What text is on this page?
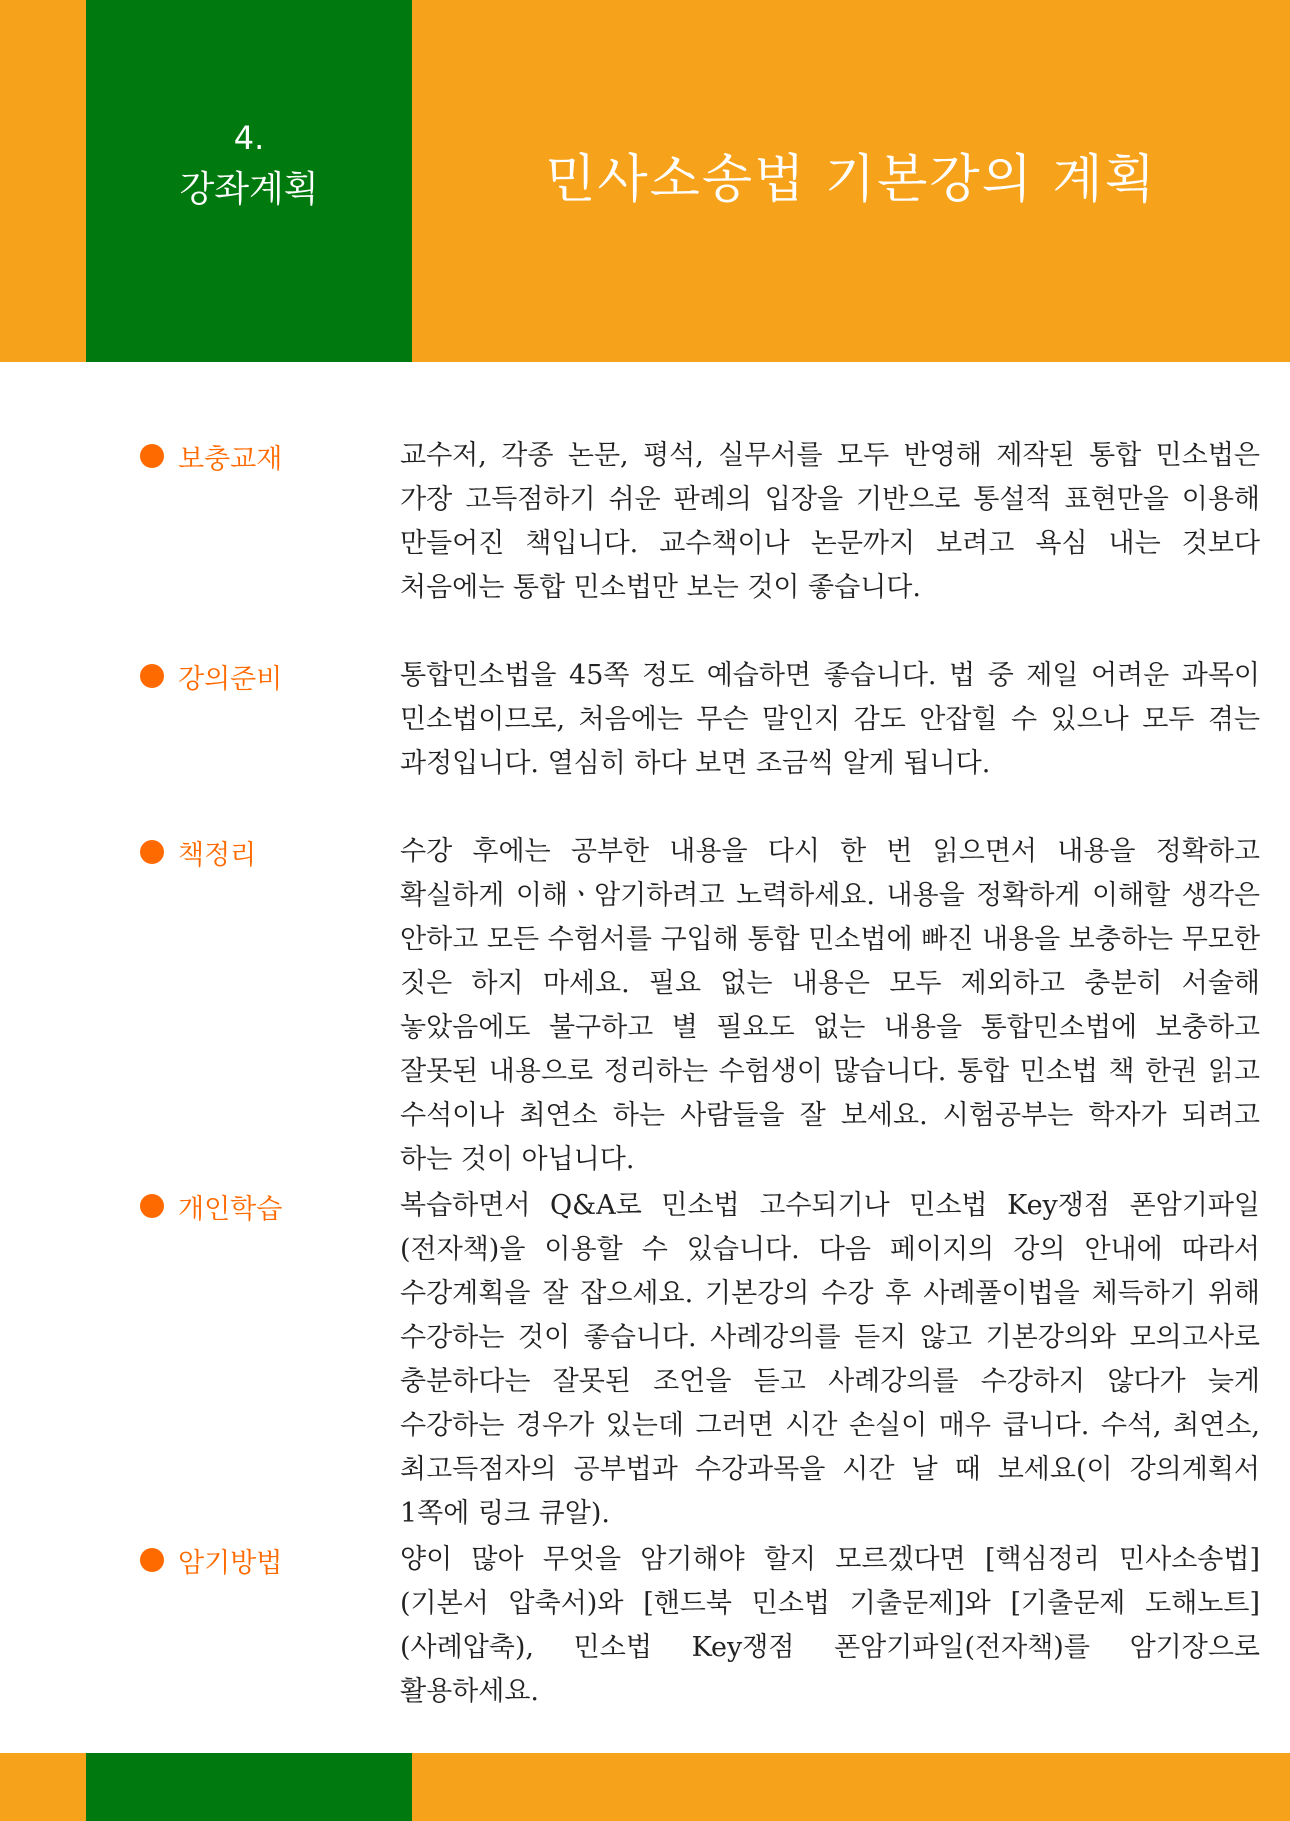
4.
강좌계획	민사소송법 기본강의 계획
보충교재	교수저, 각종 논문, 평석, 실무서를 모두 반영해 제작된 통합 민소법은 가장 고득점하기 쉬운 판례의 입장을 기반으로 통설적 표현만을 이용해 만들어진 책입니다. 교수책이나 논문까지 보려고 욕심 내는 것보다 처음에는 통합 민소법만 보는 것이 좋습니다.

강의준비	통합민소법을 45쪽 정도 예습하면 좋습니다. 법 중 제일 어려운 과목이 민소법이므로, 처음에는 무슨 말인지 감도 안잡힐 수 있으나 모두 겪는 과정입니다. 열심히 하다 보면 조금씩 알게 됩니다.

책정리	수강 후에는 공부한 내용을 다시 한 번 읽으면서 내용을 정확하고 확실하게 이해ㆍ암기하려고 노력하세요. 내용을 정확하게 이해할 생각은 안하고 모든 수험서를 구입해 통합 민소법에 빠진 내용을 보충하는 무모한 짓은 하지 마세요. 필요 없는 내용은 모두 제외하고 충분히 서술해 놓았음에도 불구하고 별 필요도 없는 내용을 통합민소법에 보충하고 잘못된 내용으로 정리하는 수험생이 많습니다. 통합 민소법 책 한권 읽고 수석이나 최연소 하는 사람들을 잘 보세요. 시험공부는 학자가 되려고 하는 것이 아닙니다.

개인학습	복습하면서 Q&A로 민소법 고수되기나 민소법 Key쟁점 폰암기파일(전자책)을 이용할 수 있습니다. 다음 페이지의 강의 안내에 따라서 수강계획을 잘 잡으세요. 기본강의 수강 후 사례풀이법을 체득하기 위해 수강하는 것이 좋습니다. 사례강의를 듣지 않고 기본강의와 모의고사로 충분하다는 잘못된 조언을 듣고 사례강의를 수강하지 않다가 늦게 수강하는 경우가 있는데 그러면 시간 손실이 매우 큽니다. 수석, 최연소, 최고득점자의 공부법과 수강과목을 시간 날 때 보세요(이 강의계획서 1쪽에 링크 큐알).

암기방법	양이 많아 무엇을 암기해야 할지 모르겠다면 [핵심정리 민사소송법](기본서 압축서)와 [핸드북 민소법 기출문제]와 [기출문제 도해노트](사례압축), 민소법 Key쟁점 폰암기파일(전자책)를 암기장으로 활용하세요.
